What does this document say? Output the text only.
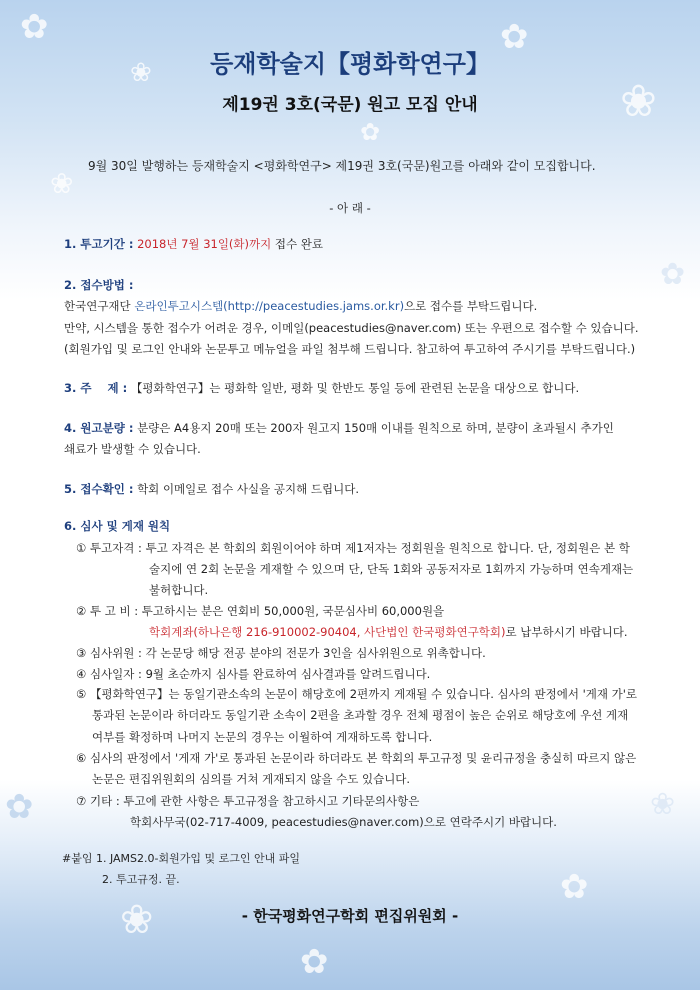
✿
❀
✿
❀
✿
❀
✿
✿	❀
✿
❀
✿
등재학술지【평화학연구】
제19권 3호(국문) 원고 모집 안내
9월 30일 발행하는 등재학술지 <평화학연구> 제19권 3호(국문)원고를 아래와 같이 모집합니다.
- 아 래 -
1. 투고기간 : 2018년 7월 31일(화)까지 접수 완료
2. 접수방법 :
한국연구재단 온라인투고시스템(http://peacestudies.jams.or.kr)으로 접수를 부탁드립니다.
만약, 시스템을 통한 접수가 어려운 경우, 이메일(peacestudies@naver.com) 또는 우편으로 접수할 수 있습니다.
(회원가입 및 로그인 안내와 논문투고 메뉴얼을 파일 첨부해 드립니다. 참고하여 투고하여 주시기를 부탁드립니다.)
3. 주    제 : 【평화학연구】는 평화학 일반, 평화 및 한반도 통일 등에 관련된 논문을 대상으로 합니다.
4. 원고분량 : 분량은 A4용지 20매 또는 200자 원고지 150매 이내를 원칙으로 하며, 분량이 초과될시 추가인
쇄료가 발생할 수 있습니다.
5. 접수확인 : 학회 이메일로 접수 사실을 공지해 드립니다.
6. 심사 및 게재 원칙
① 투고자격 : 투고 자격은 본 학회의 회원이어야 하며 제1저자는 정회원을 원칙으로 합니다. 단, 정회원은 본 학
술지에 연 2회 논문을 게재할 수 있으며 단, 단독 1회와 공동저자로 1회까지 가능하며 연속게재는
불허합니다.
② 투 고 비 : 투고하시는 분은 연회비 50,000원, 국문심사비 60,000원을
학회계좌(하나은행 216-910002-90404, 사단법인 한국평화연구학회)로 납부하시기 바랍니다.
③ 심사위원 : 각 논문당 해당 전공 분야의 전문가 3인을 심사위원으로 위촉합니다.
④ 심사일자 : 9월 초순까지 심사를 완료하여 심사결과를 알려드립니다.
⑤ 【평화학연구】는 동일기관소속의 논문이 해당호에 2편까지 게재될 수 있습니다. 심사의 판정에서 '게재 가'로
통과된 논문이라 하더라도 동일기관 소속이 2편을 초과할 경우 전체 평점이 높은 순위로 해당호에 우선 게재
여부를 확정하며 나머지 논문의 경우는 이월하여 게재하도록 합니다.
⑥ 심사의 판정에서 '게재 가'로 통과된 논문이라 하더라도 본 학회의 투고규정 및 윤리규정을 충실히 따르지 않은
논문은 편집위원회의 심의를 거쳐 게재되지 않을 수도 있습니다.
⑦ 기타 : 투고에 관한 사항은 투고규정을 참고하시고 기타문의사항은
학회사무국(02-717-4009, peacestudies@naver.com)으로 연락주시기 바랍니다.
#붙임 1. JAMS2.0-회원가입 및 로그인 안내 파일
2. 투고규정. 끝.
- 한국평화연구학회 편집위원회 -
